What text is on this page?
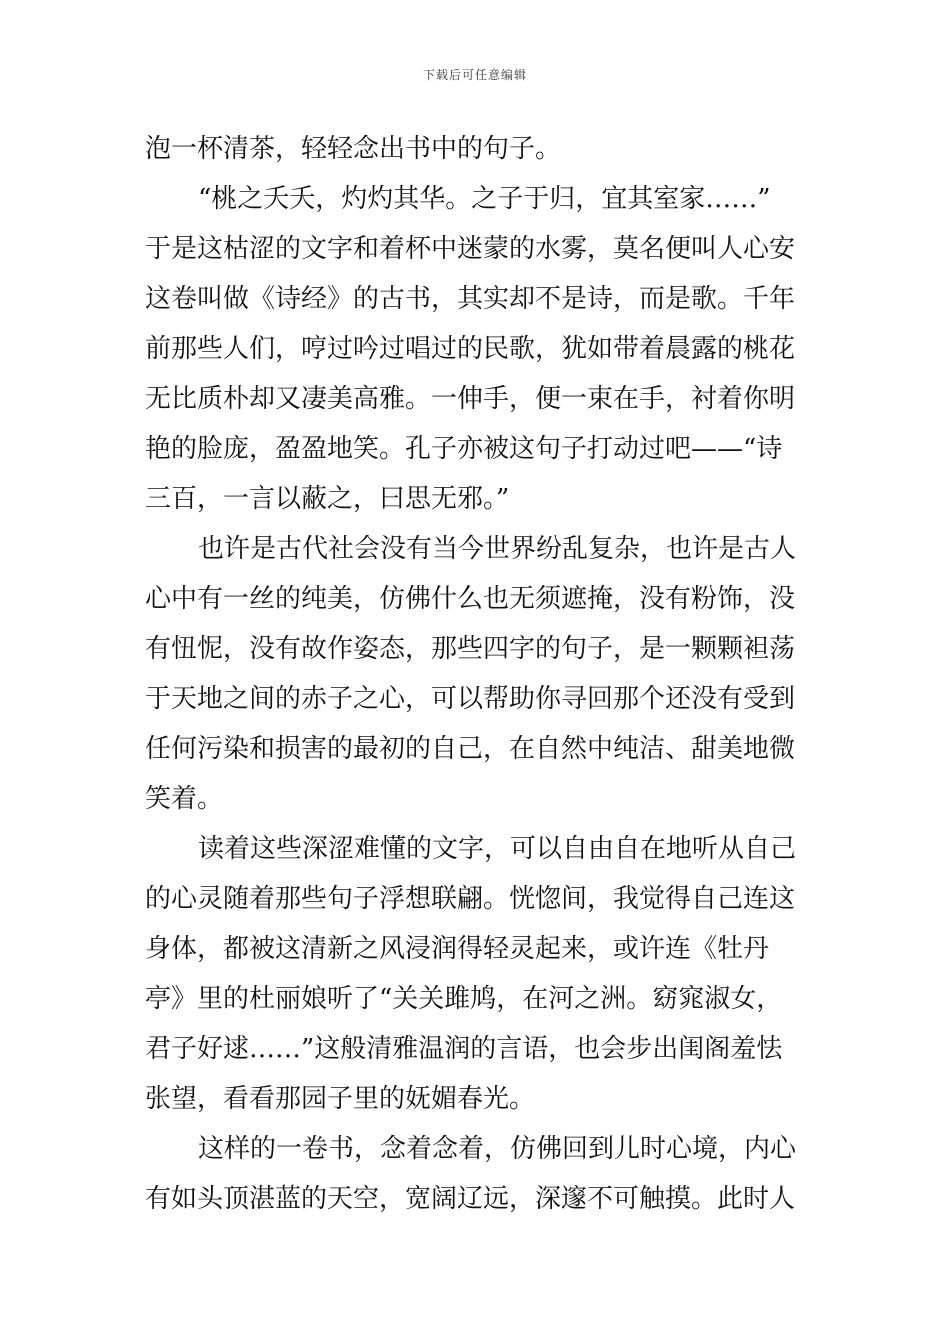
下载后可任意编辑
泡一杯清茶，轻轻念出书中的句子。
“桃之夭夭，灼灼其华。之子于归，宜其室家……”
于是这枯涩的文字和着杯中迷蒙的水雾，莫名便叫人心安
这卷叫做《诗经》的古书，其实却不是诗，而是歌。千年
前那些人们，哼过吟过唱过的民歌，犹如带着晨露的桃花
无比质朴却又凄美高雅。一伸手，便一束在手，衬着你明
艳的脸庞，盈盈地笑。孔子亦被这句子打动过吧——“诗
三百，一言以蔽之，曰思无邪。”
也许是古代社会没有当今世界纷乱复杂，也许是古人
心中有一丝的纯美，仿佛什么也无须遮掩，没有粉饰，没
有忸怩，没有故作姿态，那些四字的句子，是一颗颗袒荡
于天地之间的赤子之心，可以帮助你寻回那个还没有受到
任何污染和损害的最初的自己，在自然中纯洁、甜美地微
笑着。
读着这些深涩难懂的文字，可以自由自在地听从自己
的心灵随着那些句子浮想联翩。恍惚间，我觉得自己连这
身体，都被这清新之风浸润得轻灵起来，或许连《牡丹
亭》里的杜丽娘听了“关关雎鸠，在河之洲。窈窕淑女，
君子好逑……”这般清雅温润的言语，也会步出闺阁羞怯
张望，看看那园子里的妩媚春光。
这样的一卷书，念着念着，仿佛回到儿时心境，内心
有如头顶湛蓝的天空，宽阔辽远，深邃不可触摸。此时人
